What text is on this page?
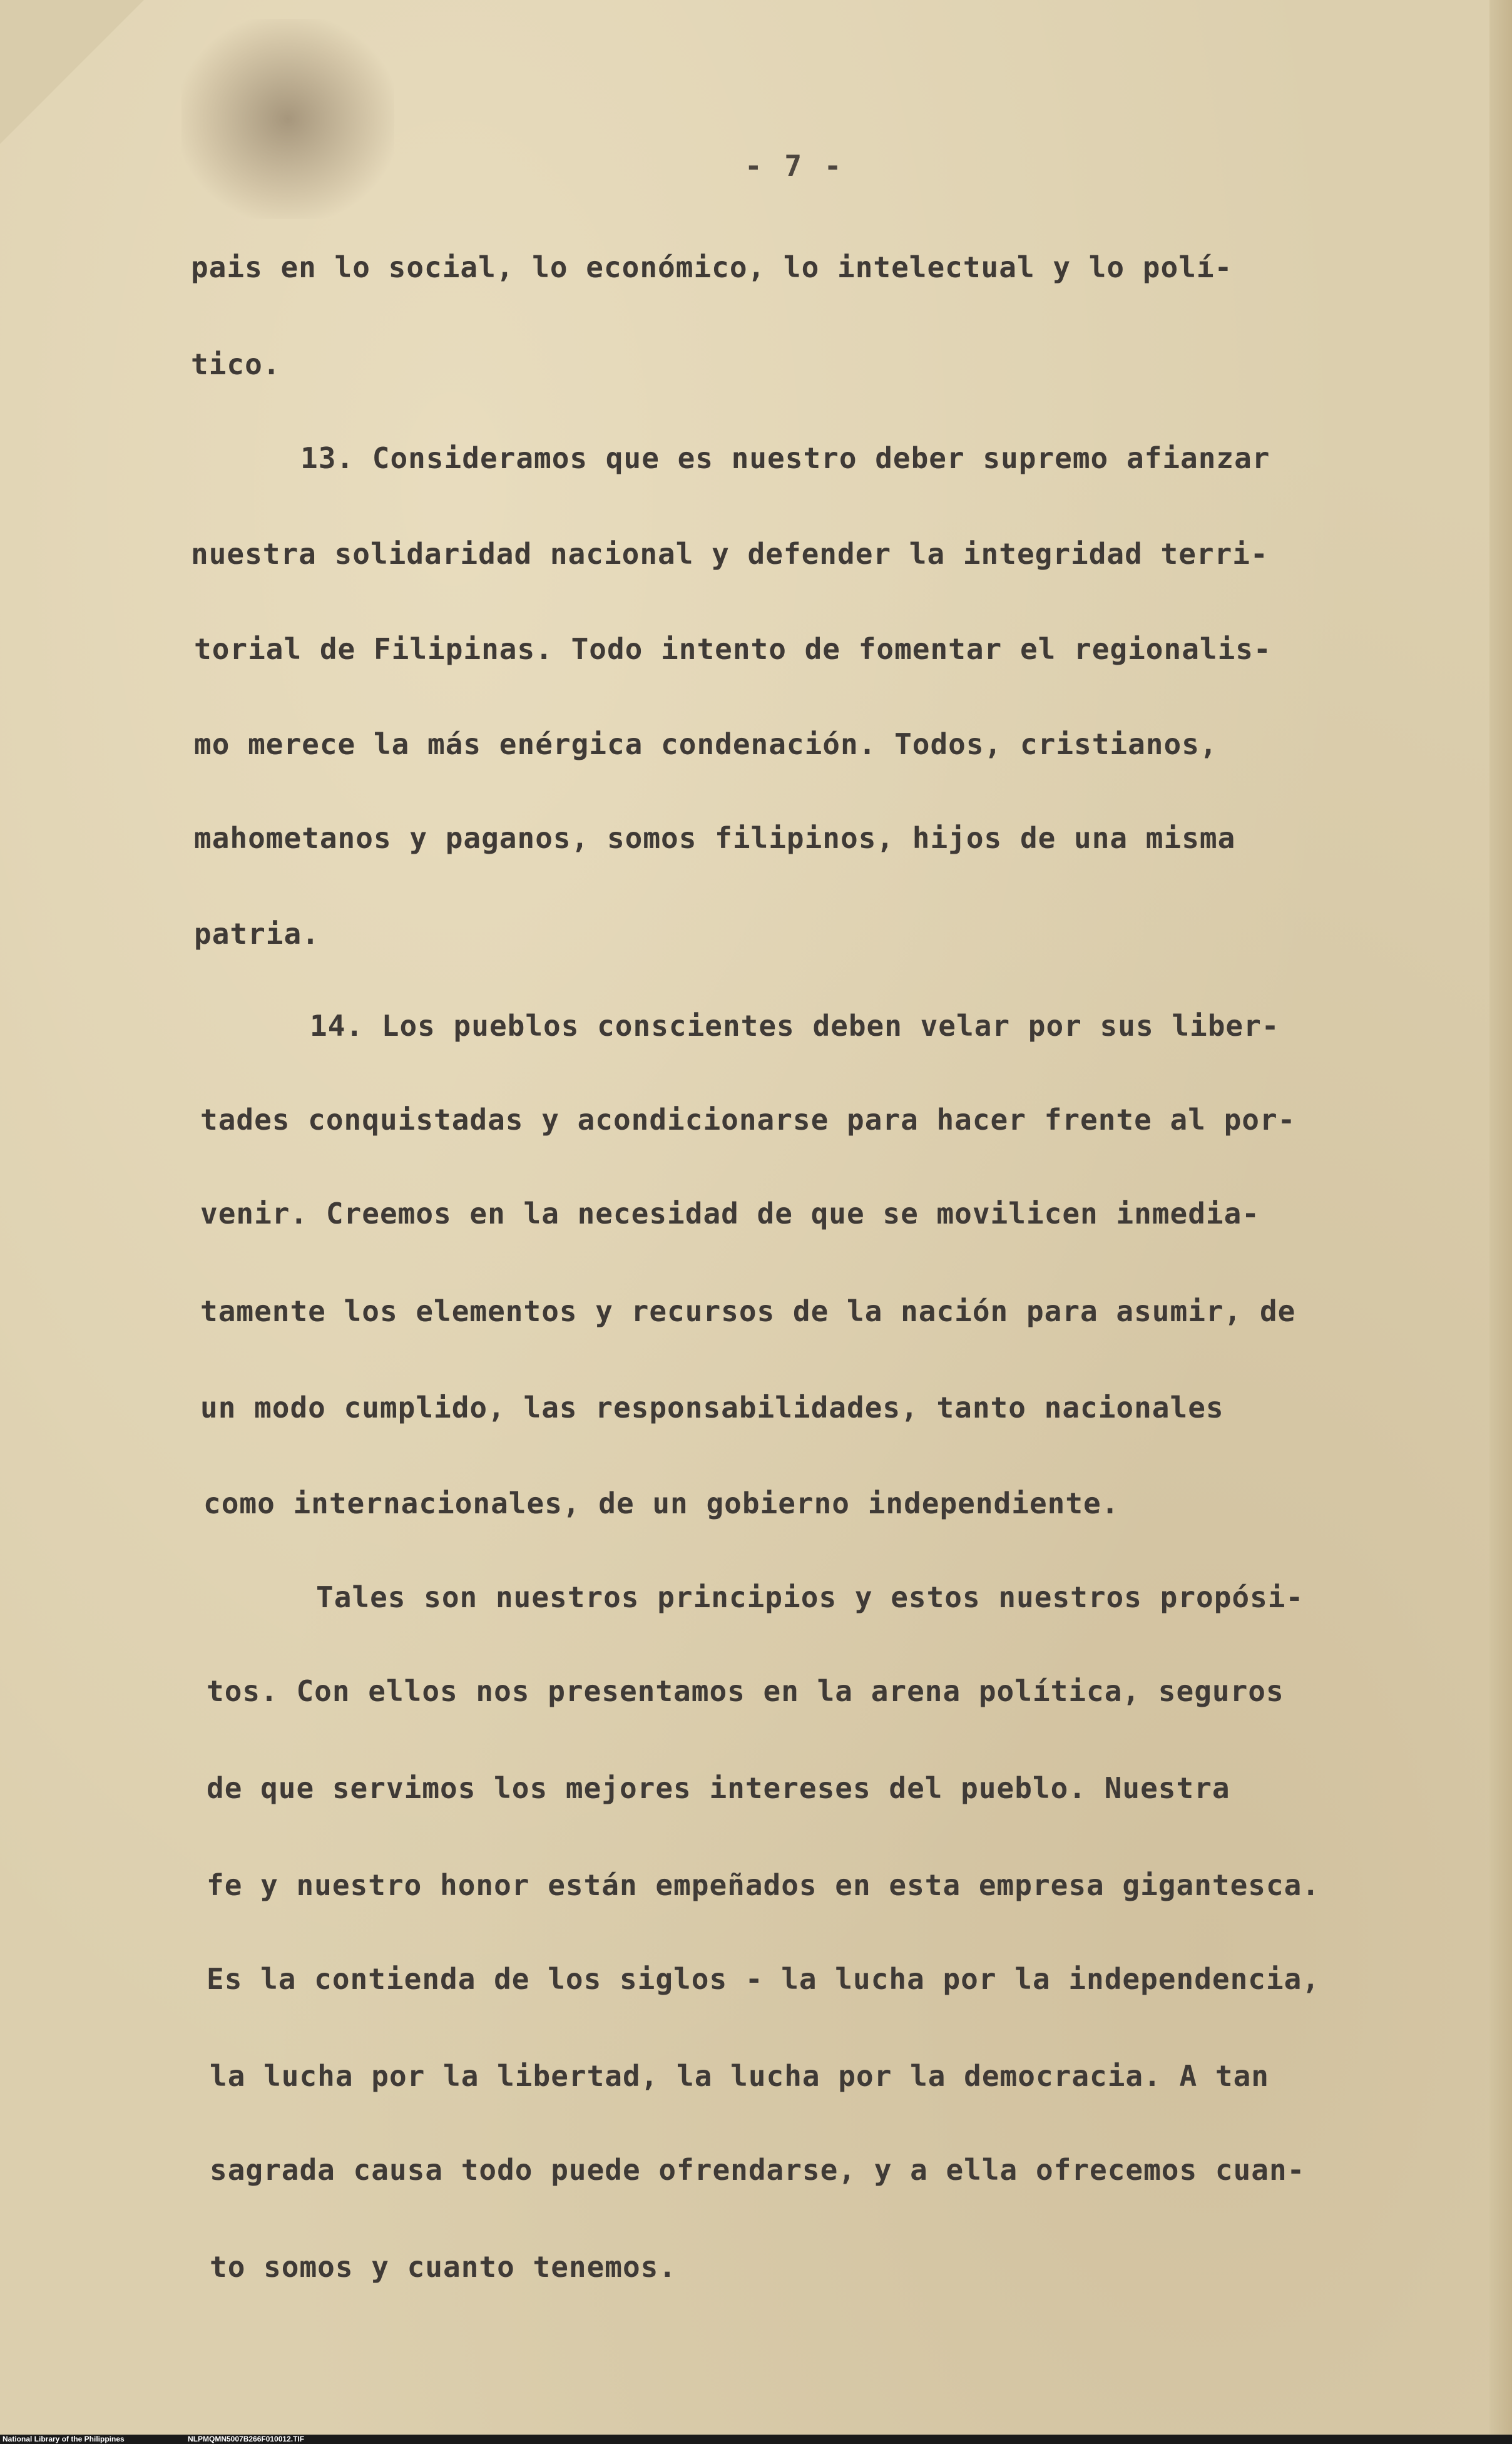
- 7 -
pais en lo social, lo económico, lo intelectual y lo polí-
tico.
13. Consideramos que es nuestro deber supremo afianzar
nuestra solidaridad nacional y defender la integridad terri-
torial de Filipinas. Todo intento de fomentar el regionalis-
mo merece la más enérgica condenación. Todos, cristianos,
mahometanos y paganos, somos filipinos, hijos de una misma
patria.
14. Los pueblos conscientes deben velar por sus liber-
tades conquistadas y acondicionarse para hacer frente al por-
venir. Creemos en la necesidad de que se movilicen inmedia-
tamente los elementos y recursos de la nación para asumir, de
un modo cumplido, las responsabilidades, tanto nacionales
como internacionales, de un gobierno independiente.
Tales son nuestros principios y estos nuestros propósi-
tos. Con ellos nos presentamos en la arena política, seguros
de que servimos los mejores intereses del pueblo. Nuestra
fe y nuestro honor están empeñados en esta empresa gigantesca.
Es la contienda de los siglos - la lucha por la independencia,
la lucha por la libertad, la lucha por la democracia. A tan
sagrada causa todo puede ofrendarse, y a ella ofrecemos cuan-
to somos y cuanto tenemos.
National Library of the Philippines	NLPMQMN5007B266F010012.TIF
